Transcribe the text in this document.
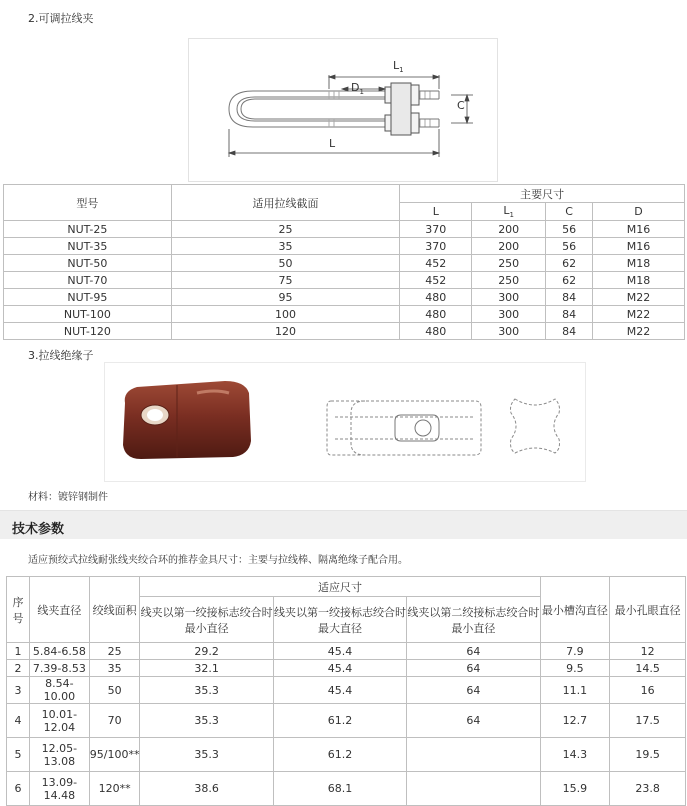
2.可调拉线夹
$L_1$
$D_1$
C
L
型号	适用拉线截面	主要尺寸			
		L	$L_1$	C	D
NUT-25	25	370	200	56	M16
NUT-35	35	370	200	56	M16
NUT-50	50	452	250	62	M18
NUT-70	75	452	250	62	M18
NUT-95	95	480	300	84	M22
NUT-100	100	480	300	84	M22
NUT-120	120	480	300	84	M22
3.拉线绝缘子
材料：镀锌钢制件
技术参数
适应预绞式拉线耐张线夹绞合环的推荐金具尺寸：主要与拉线棒、隔离绝缘子配合用。
序号	线夹直径	绞线面积	适应尺寸			最小槽沟直径	最小孔眼直径
			线夹以第一绞接标志绞合时最小直径	线夹以第一绞接标志绞合时最大直径	线夹以第二绞接标志绞合时最小直径		
1	5.84-6.58	25	29.2	45.4	64	7.9	12
2	7.39-8.53	35	32.1	45.4	64	9.5	14.5
3	8.54-10.00	50	35.3	45.4	64	11.1	16
4	10.01-12.04	70	35.3	61.2	64	12.7	17.5
5	12.05-13.08	95/100**	35.3	61.2		14.3	19.5
6	13.09-14.48	120**	38.6	68.1		15.9	23.8
